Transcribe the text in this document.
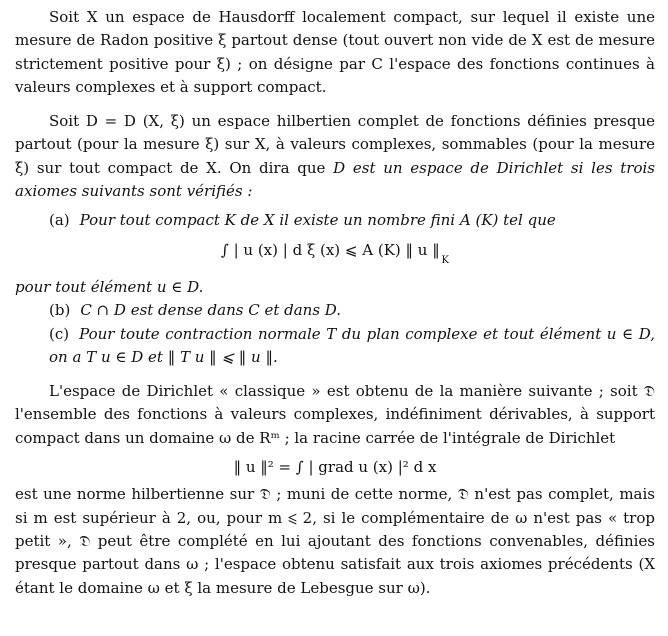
Soit X un espace de Hausdorff localement compact, sur lequel il existe une mesure de Radon positive ξ partout dense (tout ouvert non vide de X est de mesure strictement positive pour ξ) ; on désigne par C l'espace des fonctions continues à valeurs complexes et à support compact.

Soit D = D (X, ξ) un espace hilbertien complet de fonctions définies presque partout (pour la mesure ξ) sur X, à valeurs complexes, sommables (pour la mesure ξ) sur tout compact de X. On dira que D est un espace de Dirichlet si les trois axiomes suivants sont vérifiés :

(a) Pour tout compact K de X il existe un nombre fini A (K) tel que

∫ | u (x) | d ξ (x) ⩽ A (K) ‖ u ‖ $_K$

pour tout élément u ∈ D.

(b) C ∩ D est dense dans C et dans D.

(c) Pour toute contraction normale T du plan complexe et tout élément u ∈ D, on a T u ∈ D et ‖ T u ‖ ⩽ ‖ u ‖.

L'espace de Dirichlet « classique » est obtenu de la manière suivante ; soit 𝔇 l'ensemble des fonctions à valeurs complexes, indéfiniment dérivables, à support compact dans un domaine ω de Rᵐ ; la racine carrée de l'intégrale de Dirichlet

‖ u ‖² = ∫ | grad u (x) |² d x

est une norme hilbertienne sur 𝔇 ; muni de cette norme, 𝔇 n'est pas complet, mais si m est supérieur à 2, ou, pour m ⩽ 2, si le complémentaire de ω n'est pas « trop petit », 𝔇 peut être complété en lui ajoutant des fonctions convenables, définies presque partout dans ω ; l'espace obtenu satisfait aux trois axiomes précédents (X étant le domaine ω et ξ la mesure de Lebesgue sur ω).
